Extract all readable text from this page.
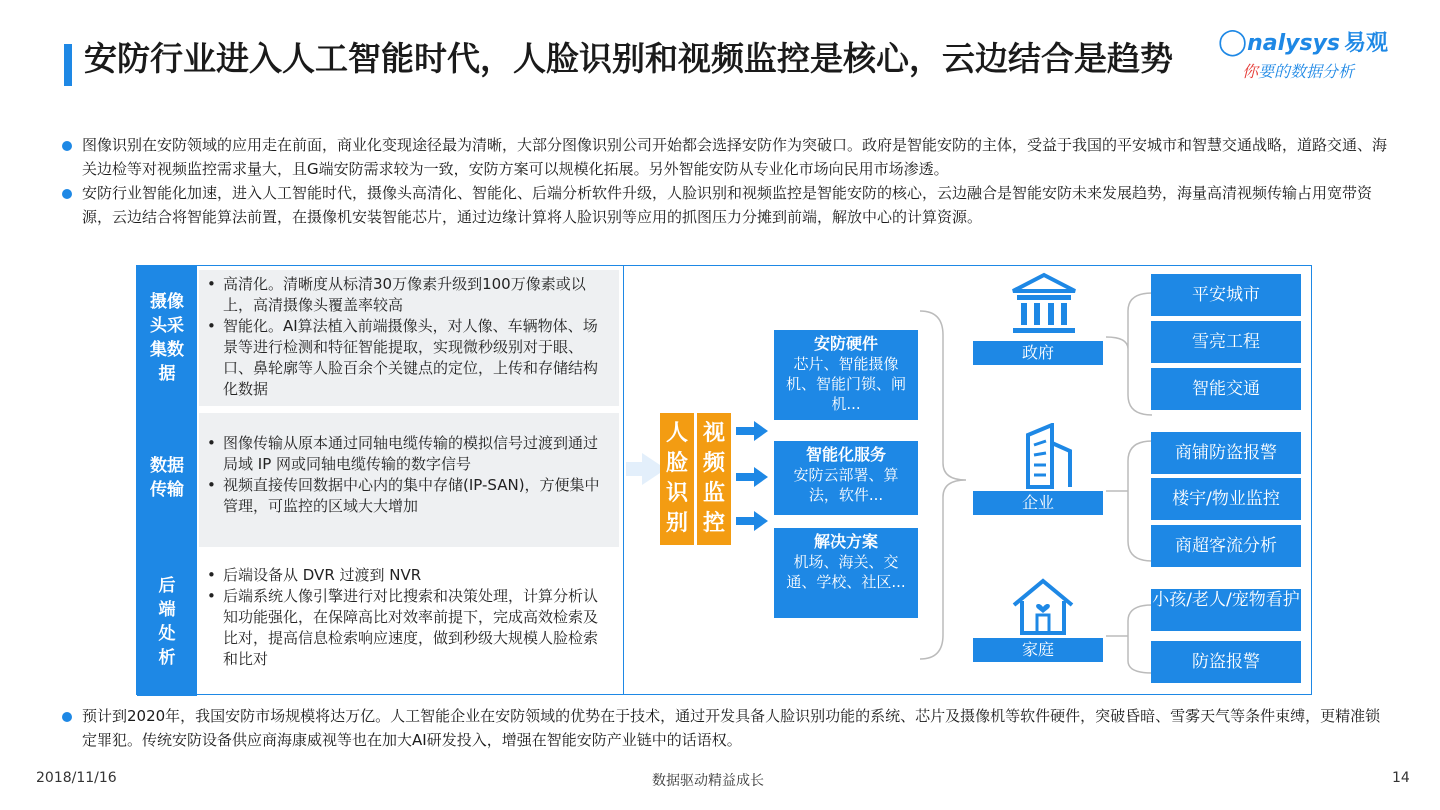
安防行业进入人工智能时代，人脸识别和视频监控是核心，云边结合是趋势	◯nalysys 易观
你要的数据分析
图像识别在安防领域的应用走在前面，商业化变现途径最为清晰，大部分图像识别公司开始都会选择安防作为突破口。政府是智能安防的主体，受益于我国的平安城市和智慧交通战略，道路交通、海关边检等对视频监控需求量大，且G端安防需求较为一致，安防方案可以规模化拓展。另外智能安防从专业化市场向民用市场渗透。
安防行业智能化加速，进入人工智能时代，摄像头高清化、智能化、后端分析软件升级，人脸识别和视频监控是智能安防的核心，云边融合是智能安防未来发展趋势，海量高清视频传输占用宽带资源，云边结合将智能算法前置，在摄像机安装智能芯片，通过边缘计算将人脸识别等应用的抓图压力分摊到前端，解放中心的计算资源。
摄像头采集数据
• 高清化。清晰度从标清30万像素升级到100万像素或以上，高清摄像头覆盖率较高
• 智能化。AI算法植入前端摄像头，对人像、车辆物体、场景等进行检测和特征智能提取，实现微秒级别对于眼、口、鼻轮廓等人脸百余个关键点的定位，上传和存储结构化数据
数据传输
• 图像传输从原本通过同轴电缆传输的模拟信号过渡到通过局域 IP 网或同轴电缆传输的数字信号
• 视频直接传回数据中心内的集中存储(IP-SAN)，方便集中管理，可监控的区域大大增加
后端处析
• 后端设备从 DVR 过渡到 NVR
• 后端系统人像引擎进行对比搜索和决策处理，计算分析认知功能强化，在保障高比对效率前提下，完成高效检索及比对，提高信息检索响应速度，做到秒级大规模人脸检索和比对
人脸识别
视频监控
安防硬件
芯片、智能摄像机、智能门锁、闸机...
智能化服务
安防云部署、算法，软件...
解决方案
机场、海关、交通、学校、社区...
政府
企业
家庭
平安城市
雪亮工程
智能交通
商铺防盗报警
楼宇/物业监控
商超客流分析
小孩/老人/宠物看护
防盗报警
预计到2020年，我国安防市场规模将达万亿。人工智能企业在安防领域的优势在于技术，通过开发具备人脸识别功能的系统、芯片及摄像机等软件硬件，突破昏暗、雪雾天气等条件束缚，更精准锁定罪犯。传统安防设备供应商海康威视等也在加大AI研发投入，增强在智能安防产业链中的话语权。
2018/11/16	数据驱动精益成长	14
